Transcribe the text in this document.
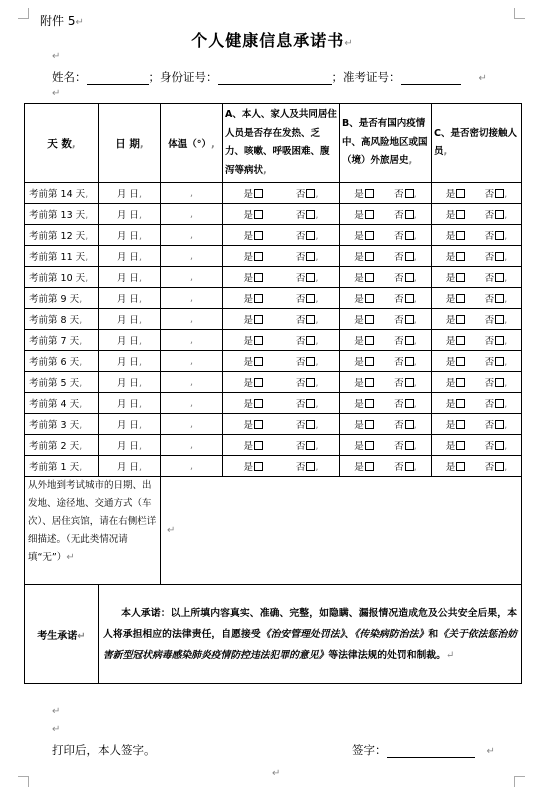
附件 5↵
个人健康信息承诺书↵
↵
姓名：	；身份证号：	；准考证号：	↵
↵
天 数,	日 期,	体温（°）,	A、本人、家人及共同居住人员是否存在发热、乏力、咳嗽、呼吸困难、腹泻等病状,	B、是否有国内疫情中、高风险地区或国（境）外旅居史,	C、是否密切接触人员,
考前第 14 天,	月 日,	,	是 否 ,	是 否 ,	是 否 ,

考前第 13 天,	月 日,	,	是 否 ,	是 否 ,	是 否 ,

考前第 12 天,	月 日,	,	是 否 ,	是 否 ,	是 否 ,

考前第 11 天,	月 日,	,	是 否 ,	是 否 ,	是 否 ,

考前第 10 天,	月 日,	,	是 否 ,	是 否 ,	是 否 ,

考前第 9 天,	月 日,	,	是 否 ,	是 否 ,	是 否 ,

考前第 8 天,	月 日,	,	是 否 ,	是 否 ,	是 否 ,

考前第 7 天,	月 日,	,	是 否 ,	是 否 ,	是 否 ,

考前第 6 天,	月 日,	,	是 否 ,	是 否 ,	是 否 ,

考前第 5 天,	月 日,	,	是 否 ,	是 否 ,	是 否 ,

考前第 4 天,	月 日,	,	是 否 ,	是 否 ,	是 否 ,

考前第 3 天,	月 日,	,	是 否 ,	是 否 ,	是 否 ,

考前第 2 天,	月 日,	,	是 否 ,	是 否 ,	是 否 ,

考前第 1 天,	月 日,	,	是 否 ,	是 否 ,	是 否 ,

从外地到考试城市的日期、出发地、途径地、交通方式（车次）、居住宾馆，请在右侧栏详细描述。（无此类情况请填“无”）↵		↵			
考生承诺↵	本人承诺：以上所填内容真实、准确、完整，如隐瞒、漏报情况造成危及公共安全后果，本人将承担相应的法律责任，自愿接受《治安管理处罚法》、《传染病防治法》和《关于依法惩治妨害新型冠状病毒感染肺炎疫情防控违法犯罪的意见》等法律法规的处罚和制裁。↵				
↵
↵
打印后，本人签字。	签字：	↵
↵
